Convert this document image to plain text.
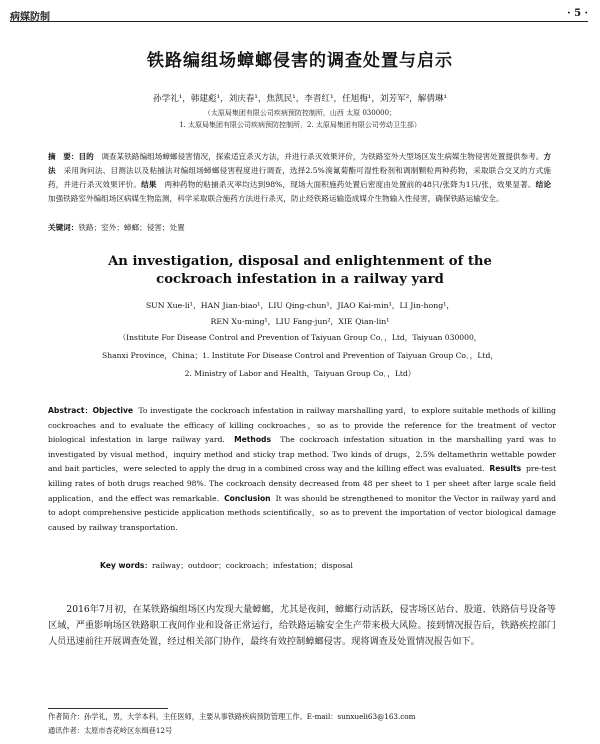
病媒防制	· 5 ·
铁路编组场蟑螂侵害的调查处置与启示
孙学礼¹，韩建彪¹，刘庆春¹，焦凯民¹，李晋红¹，任旭梅¹，刘芳军²，解倩琳¹
（太原局集团有限公司疾病预防控制所，山西 太原 030000；
1. 太原局集团有限公司疾病预防控制所，2. 太原局集团有限公司劳动卫生部）
摘　要：目的　 调查某铁路编组场蟑螂侵害情况，探索适宜杀灭方法，并进行杀灭效果评价，为铁路室外大型场区发生病媒生物侵害处置提供参考。方法　 采用询问法、目测法以及粘捕法对编组场蟑螂侵害程度进行调查，选择2.5%溴氰菊酯可湿性粉剂和调制颗粒两种药物，采取联合交叉的方式施药，并进行杀灭效果评价。结果　 两种药物的粘捕杀灭率均达到98%，现场大面积施药处置后密度由处置前的48只/张降为1只/张，效果显著。结论　加强铁路室外编组场区病媒生物监测，科学采取联合施药方法进行杀灭，防止经铁路运输造成媒介生物输入性侵害，确保铁路运输安全。
关键词：铁路；室外；蟑螂；侵害；处置
An investigation, disposal and enlightenment of the
cockroach infestation in a railway yard
SUN Xue-li¹，HAN Jian-biao¹，LIU Qing-chun¹，JIAO Kai-min¹，LI Jin-hong¹，
REN Xu-ming¹，LIU Fang-jun²，XIE Qian-lin¹
（Institute For Disease Control and Prevention of Taiyuan Group Co．，Ltd，Taiyuan 030000，
Shanxi Province，China；1. Institute For Disease Control and Prevention of Taiyuan Group Co．，Ltd，
2. Ministry of Labor and Health，Taiyuan Group Co．，Ltd）
Abstract：Objective To investigate the cockroach infestation in railway marshalling yard，to explore suitable methods of killing cockroaches and to evaluate the efficacy of killing cockroaches，so as to provide the reference for the treatment of vector biological infestation in large railway yard. Methods The cockroach infestation situation in the marshalling yard was to investigated by visual method，inquiry method and sticky trap method. Two kinds of drugs，2.5% deltamethrin wettable powder and bait particles，were selected to apply the drug in a combined cross way and the killing effect was evaluated. Results pre-test killing rates of both drugs reached 98%. The cockroach density decreased from 48 per sheet to 1 per sheet after large scale field application，and the effect was remarkable. Conclusion It was should be strengthened to monitor the Vector in railway yard and to adopt comprehensive pesticide application methods scientifically，so as to prevent the importation of vector biological damage caused by railway transportation.
Key words：railway；outdoor；cockroach；infestation；disposal
2016年7月初，在某铁路编组场区内发现大量蟑螂，尤其是夜间，蟑螂行动活跃，侵害场区站台、股道、铁路信号设备等区域，严重影响场区铁路职工夜间作业和设备正常运行，给铁路运输安全生产带来极大风险。接到情况报告后，铁路疾控部门人员迅速前往开展调查处置，经过相关部门协作，最终有效控制蟑螂侵害。现将调查及处置情况报告如下。
作者简介：孙学礼，男，大学本科，主任医师，主要从事铁路疾病预防管理工作。E-mail：sunxueli63@163.com
通讯作者：太原市杏花岭区东缉巷12号
